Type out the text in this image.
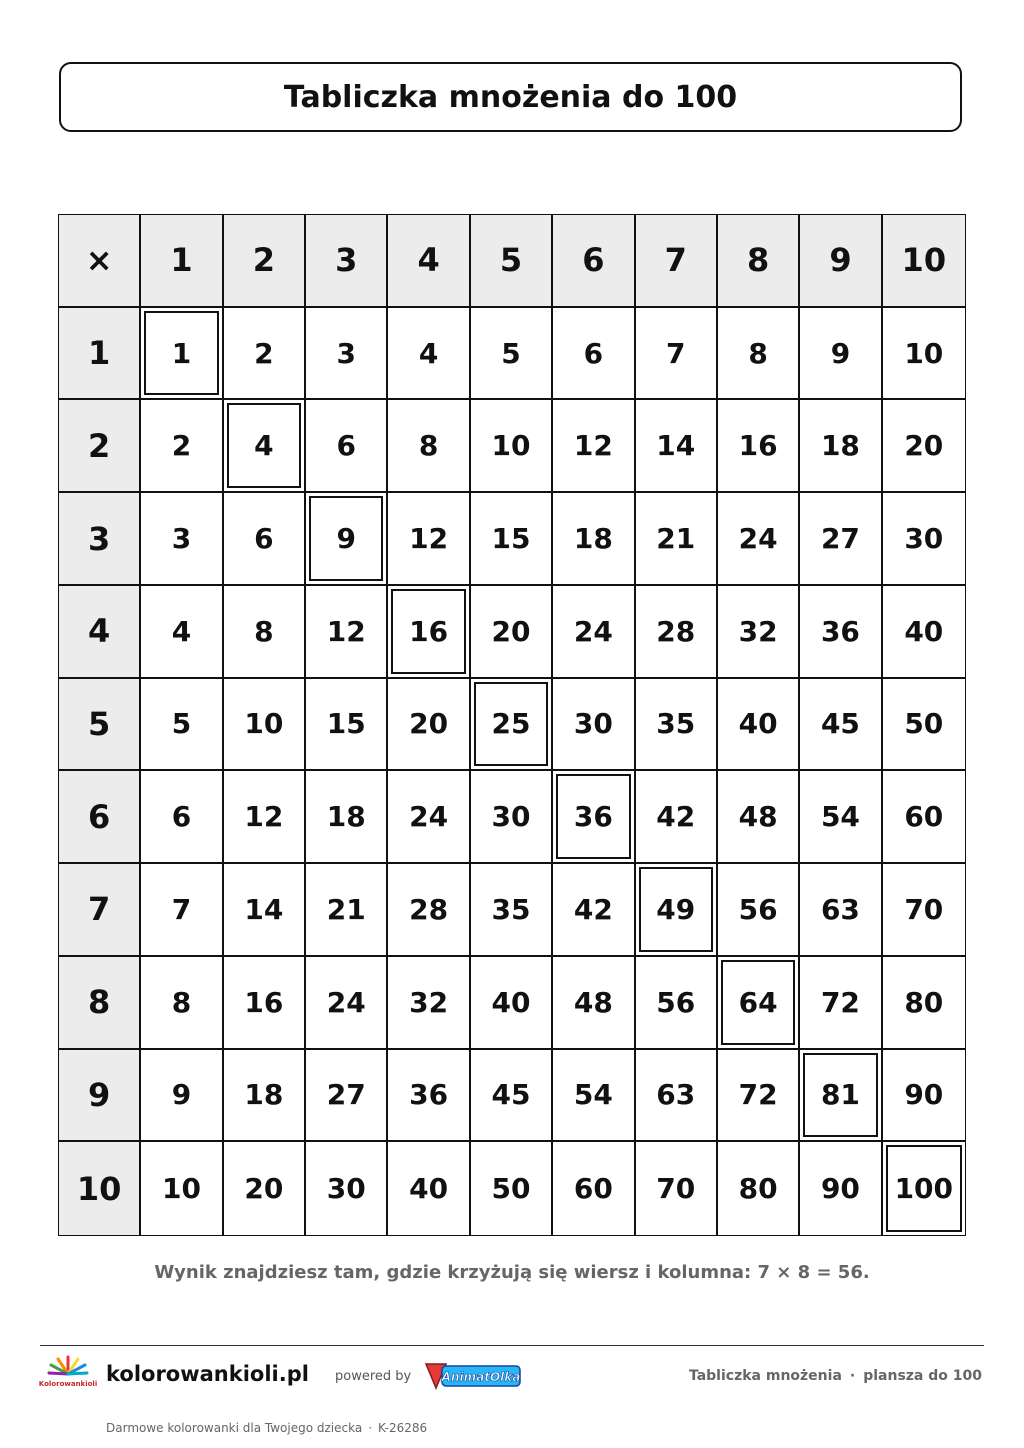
Tabliczka mnożenia do 100
×	1	2	3	4	5	6	7	8	9	10
1	1	2	3	4	5	6	7	8	9	10
2	2	4	6	8	10	12	14	16	18	20
3	3	6	9	12	15	18	21	24	27	30
4	4	8	12	16	20	24	28	32	36	40
5	5	10	15	20	25	30	35	40	45	50
6	6	12	18	24	30	36	42	48	54	60
7	7	14	21	28	35	42	49	56	63	70
8	8	16	24	32	40	48	56	64	72	80
9	9	18	27	36	45	54	63	72	81	90
10	10	20	30	40	50	60	70	80	90	100
Wynik znajdziesz tam, gdzie krzyżują się wiersz i kolumna: 7 × 8 = 56.
Kolorowankioli kolorowankioli.pl powered by	AnimatOlka	Tabliczka mnożenia · plansza do 100
Darmowe kolorowanki dla Twojego dziecka · K-26286
